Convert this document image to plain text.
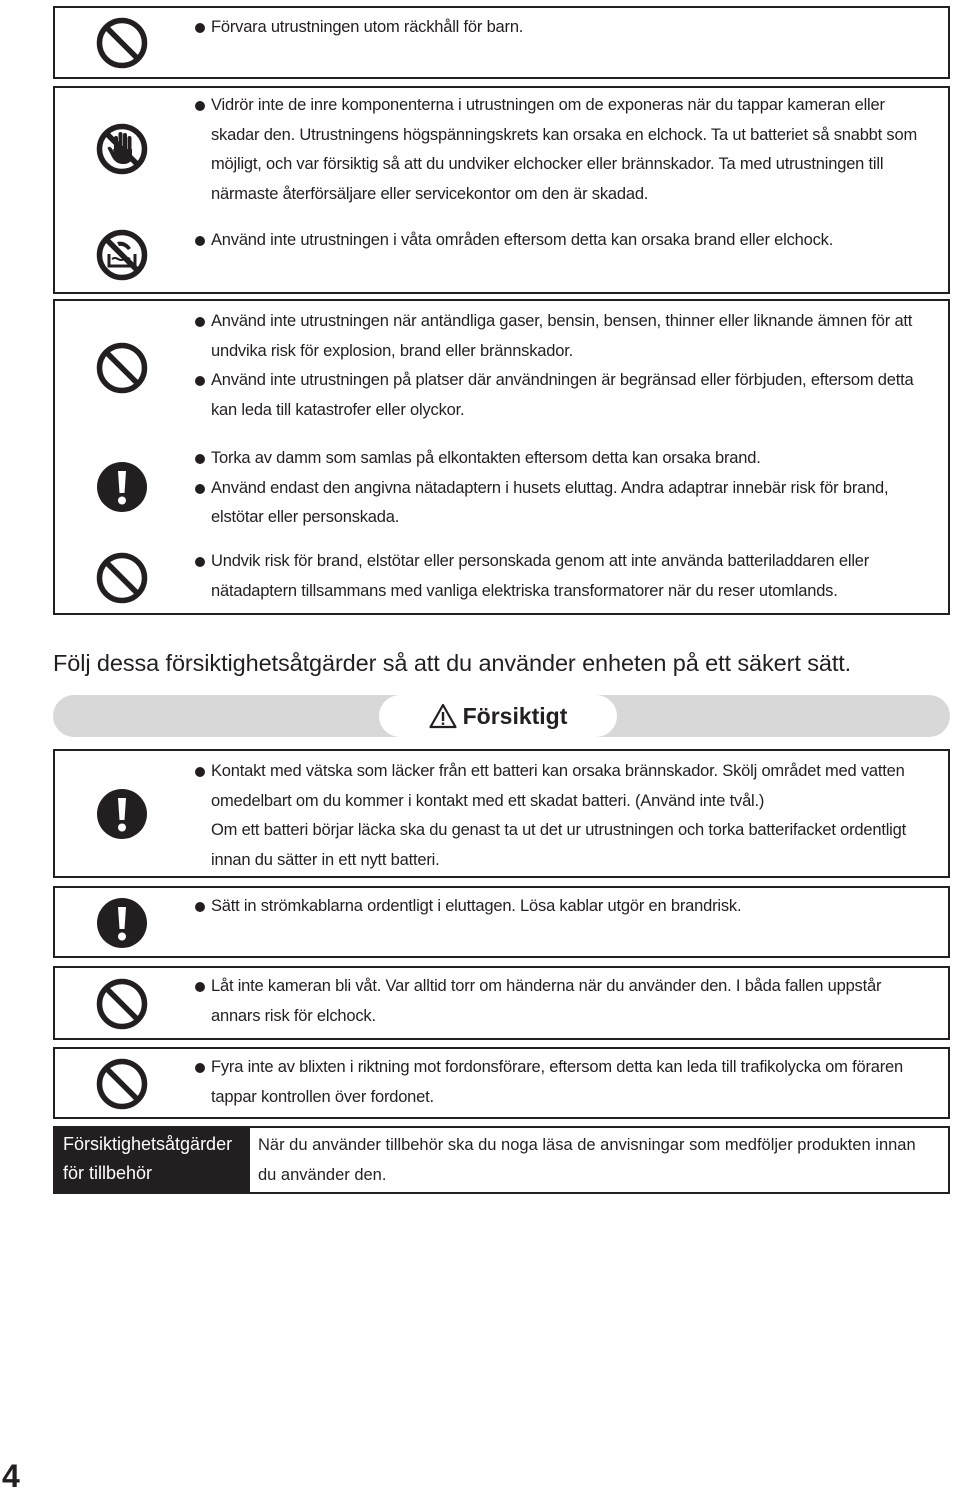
Förvara utrustningen utom räckhåll för barn.
Vidrör inte de inre komponenterna i utrustningen om de exponeras när du tappar kameran eller skadar den. Utrustningens högspänningskrets kan orsaka en elchock. Ta ut batteriet så snabbt som möjligt, och var försiktig så att du undviker elchocker eller brännskador. Ta med utrustningen till närmaste återförsäljare eller servicekontor om den är skadad.
Använd inte utrustningen i våta områden eftersom detta kan orsaka brand eller elchock.
Använd inte utrustningen när antändliga gaser, bensin, bensen, thinner eller liknande ämnen för att undvika risk för explosion, brand eller brännskador.
Använd inte utrustningen på platser där användningen är begränsad eller förbjuden, eftersom detta kan leda till katastrofer eller olyckor.
Torka av damm som samlas på elkontakten eftersom detta kan orsaka brand.
Använd endast den angivna nätadaptern i husets eluttag. Andra adaptrar innebär risk för brand, elstötar eller personskada.
Undvik risk för brand, elstötar eller personskada genom att inte använda batteriladdaren eller nätadaptern tillsammans med vanliga elektriska transformatorer när du reser utomlands.
Följ dessa försiktighetsåtgärder så att du använder enheten på ett säkert sätt.
Försiktigt
Kontakt med vätska som läcker från ett batteri kan orsaka brännskador. Skölj området med vatten omedelbart om du kommer i kontakt med ett skadat batteri. (Använd inte tvål.)
Om ett batteri börjar läcka ska du genast ta ut det ur utrustningen och torka batterifacket ordentligt innan du sätter in ett nytt batteri.
Sätt in strömkablarna ordentligt i eluttagen. Lösa kablar utgör en brandrisk.
Låt inte kameran bli våt. Var alltid torr om händerna när du använder den. I båda fallen uppstår annars risk för elchock.
Fyra inte av blixten i riktning mot fordonsförare, eftersom detta kan leda till trafikolycka om föraren tappar kontrollen över fordonet.
Försiktighetsåtgärder för tillbehör
När du använder tillbehör ska du noga läsa de anvisningar som medföljer produkten innan du använder den.
4
